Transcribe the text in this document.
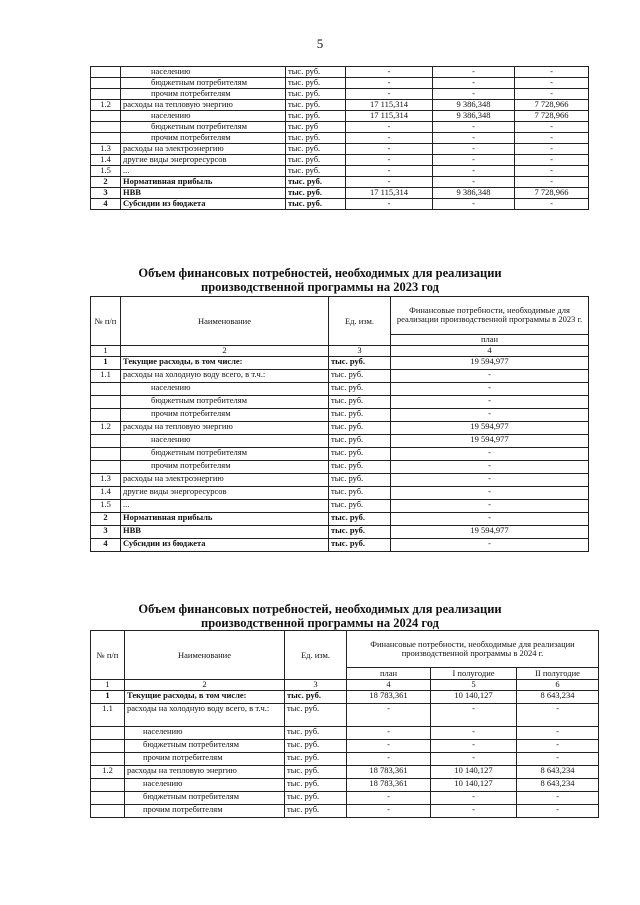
5
	населению	тыс. руб.	-	-	-
	бюджетным потребителям	тыс. руб.	-	-	-
	прочим потребителям	тыс. руб.	-	-	-
1.2	расходы на тепловую энергию	тыс. руб.	17 115,314	9 386,348	7 728,966
	населению	тыс. руб.	17 115,314	9 386,348	7 728,966
	бюджетным потребителям	тыс. руб	-	-	-
	прочим потребителям	тыс. руб.	-	-	-
1.3	расходы на электроэнергию	тыс. руб.	-	-	-
1.4	другие виды энергоресурсов	тыс. руб.	-	-	-
1.5	...	тыс. руб.	-	-	-
2	Нормативная прибыль	тыс. руб.	-	-	-
3	НВВ	тыс. руб.	17 115,314	9 386,348	7 728,966
4	Субсидии из бюджета	тыс. руб.	-	-	-
Объем финансовых потребностей, необходимых для реализации
производственной программы на 2023 год
№ п/п	Наименование	Ед. изм.	Финансовые потребности, необходимые для реализации производственной программы в 2023 г.
			план
1	2	3	4
1	Текущие расходы, в том числе:	тыс. руб.	19 594,977
1.1	расходы на холодную воду всего, в т.ч.:	тыс. руб.	-
	населению	тыс. руб.	-
	бюджетным потребителям	тыс. руб.	-
	прочим потребителям	тыс. руб.	-
1.2	расходы на тепловую энергию	тыс. руб.	19 594,977
	населению	тыс. руб.	19 594,977
	бюджетным потребителям	тыс. руб.	-
	прочим потребителям	тыс. руб.	-
1.3	расходы на электроэнергию	тыс. руб.	-
1.4	другие виды энергоресурсов	тыс. руб.	-
1.5	...	тыс. руб.	-
2	Нормативная прибыль	тыс. руб.	-
3	НВВ	тыс. руб.	19 594,977
4	Субсидии из бюджета	тыс. руб.	-
Объем финансовых потребностей, необходимых для реализации
производственной программы на 2024 год
№ п/п	Наименование	Ед. изм.	Финансовые потребности, необходимые для реализации производственной программы в 2024 г.		
			план	I полугодие	II полугодие
1	2	3	4	5	6
1	Текущие расходы, в том числе:	тыс. руб.	18 783,361	10 140,127	8 643,234
1.1	расходы на холодную воду всего, в т.ч.:	тыс. руб.	-	-	-
	населению	тыс. руб.	-	-	-
	бюджетным потребителям	тыс. руб.	-	-	-
	прочим потребителям	тыс. руб.	-	-	-
1.2	расходы на тепловую энергию	тыс. руб.	18 783,361	10 140,127	8 643,234
	населению	тыс. руб.	18 783,361	10 140,127	8 643,234
	бюджетным потребителям	тыс. руб.	-	-	-
	прочим потребителям	тыс. руб.	-	-	-
